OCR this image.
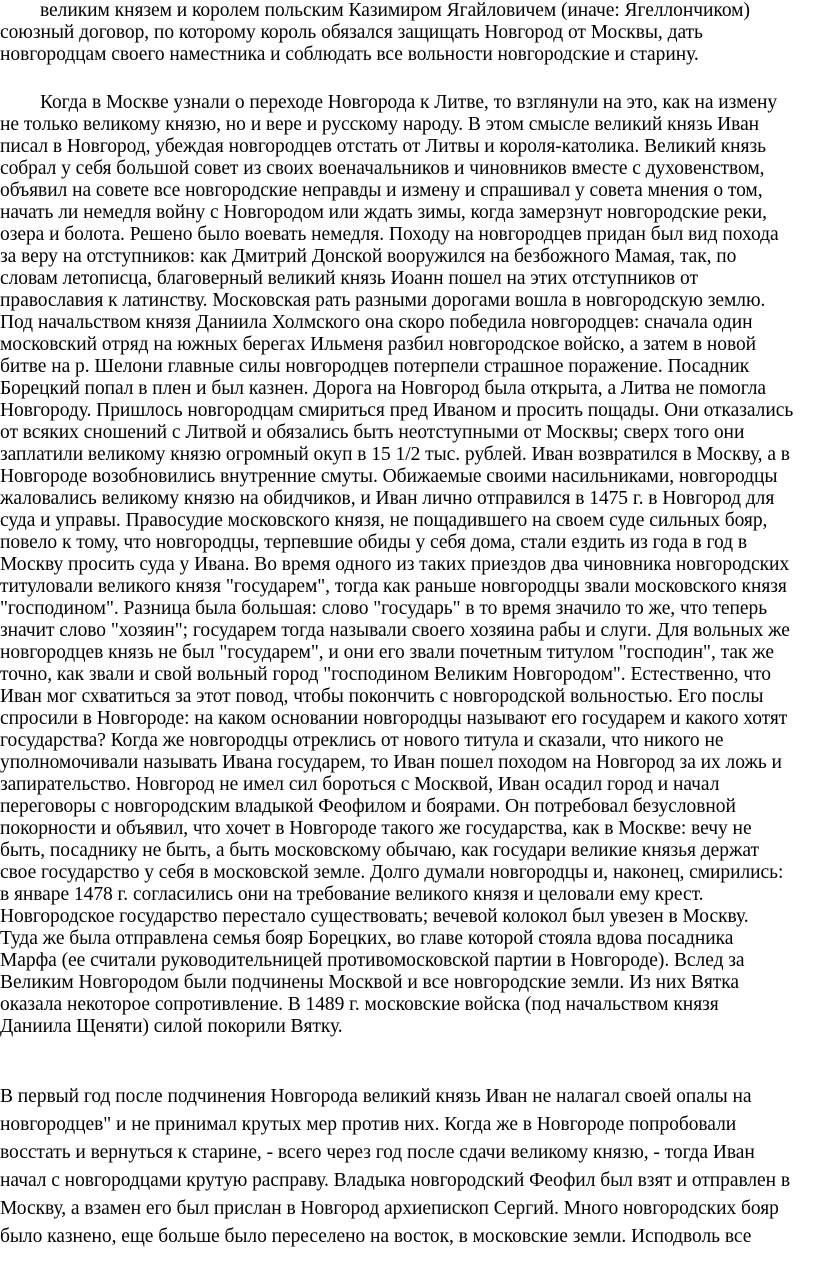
великим князем и королем польским Казимиром Ягайловичем (иначе: Ягеллончиком)
союзный договор, по которому король обязался защищать Новгород от Москвы, дать
новгородцам своего наместника и соблюдать все вольности новгородские и старину.
Когда в Москве узнали о переходе Новгорода к Литве, то взглянули на это, как на измену
не только великому князю, но и вере и русскому народу. В этом смысле великий князь Иван
писал в Новгород, убеждая новгородцев отстать от Литвы и короля-католика. Великий князь
собрал у себя большой совет из своих военачальников и чиновников вместе с духовенством,
объявил на совете все новгородские неправды и измену и спрашивал у совета мнения о том,
начать ли немедля войну с Новгородом или ждать зимы, когда замерзнут новгородские реки,
озера и болота. Решено было воевать немедля. Походу на новгородцев придан был вид похода
за веру на отступников: как Дмитрий Донской вооружился на безбожного Мамая, так, по
словам летописца, благоверный великий князь Иоанн пошел на этих отступников от
православия к латинству. Московская рать разными дорогами вошла в новгородскую землю.
Под начальством князя Даниила Холмского она скоро победила новгородцев: сначала один
московский отряд на южных берегах Ильменя разбил новгородское войско, а затем в новой
битве на р. Шелони главные силы новгородцев потерпели страшное поражение. Посадник
Борецкий попал в плен и был казнен. Дорога на Новгород была открыта, а Литва не помогла
Новгороду. Пришлось новгородцам смириться пред Иваном и просить пощады. Они отказались
от всяких сношений с Литвой и обязались быть неотступными от Москвы; сверх того они
заплатили великому князю огромный окуп в 15 1/2 тыс. рублей. Иван возвратился в Москву, а в
Новгороде возобновились внутренние смуты. Обижаемые своими насильниками, новгородцы
жаловались великому князю на обидчиков, и Иван лично отправился в 1475 г. в Новгород для
суда и управы. Правосудие московского князя, не пощадившего на своем суде сильных бояр,
повело к тому, что новгородцы, терпевшие обиды у себя дома, стали ездить из года в год в
Москву просить суда у Ивана. Во время одного из таких приездов два чиновника новгородских
титуловали великого князя "государем", тогда как раньше новгородцы звали московского князя
"господином". Разница была большая: слово "государь" в то время значило то же, что теперь
значит слово "хозяин"; государем тогда называли своего хозяина рабы и слуги. Для вольных же
новгородцев князь не был "государем", и они его звали почетным титулом "господин", так же
точно, как звали и свой вольный город "господином Великим Новгородом". Естественно, что
Иван мог схватиться за этот повод, чтобы покончить с новгородской вольностью. Его послы
спросили в Новгороде: на каком основании новгородцы называют его государем и какого хотят
государства? Когда же новгородцы отреклись от нового титула и сказали, что никого не
уполномочивали называть Ивана государем, то Иван пошел походом на Новгород за их ложь и
запирательство. Новгород не имел сил бороться с Москвой, Иван осадил город и начал
переговоры с новгородским владыкой Феофилом и боярами. Он потребовал безусловной
покорности и объявил, что хочет в Новгороде такого же государства, как в Москве: вечу не
быть, посаднику не быть, а быть московскому обычаю, как государи великие князья держат
свое государство у себя в московской земле. Долго думали новгородцы и, наконец, смирились:
в январе 1478 г. согласились они на требование великого князя и целовали ему крест.
Новгородское государство перестало существовать; вечевой колокол был увезен в Москву.
Туда же была отправлена семья бояр Борецких, во главе которой стояла вдова посадника
Марфа (ее считали руководительницей противомосковской партии в Новгороде). Вслед за
Великим Новгородом были подчинены Москвой и все новгородские земли. Из них Вятка
оказала некоторое сопротивление. В 1489 г. московские войска (под начальством князя
Даниила Щеняти) силой покорили Вятку.
В первый год после подчинения Новгорода великий князь Иван не налагал своей опалы на
новгородцев" и не принимал крутых мер против них. Когда же в Новгороде попробовали
восстать и вернуться к старине, - всего через год после сдачи великому князю, - тогда Иван
начал с новгородцами крутую расправу. Владыка новгородский Феофил был взят и отправлен в
Москву, а взамен его был прислан в Новгород архиепископ Сергий. Много новгородских бояр
было казнено, еще больше было переселено на восток, в московские земли. Исподволь все
